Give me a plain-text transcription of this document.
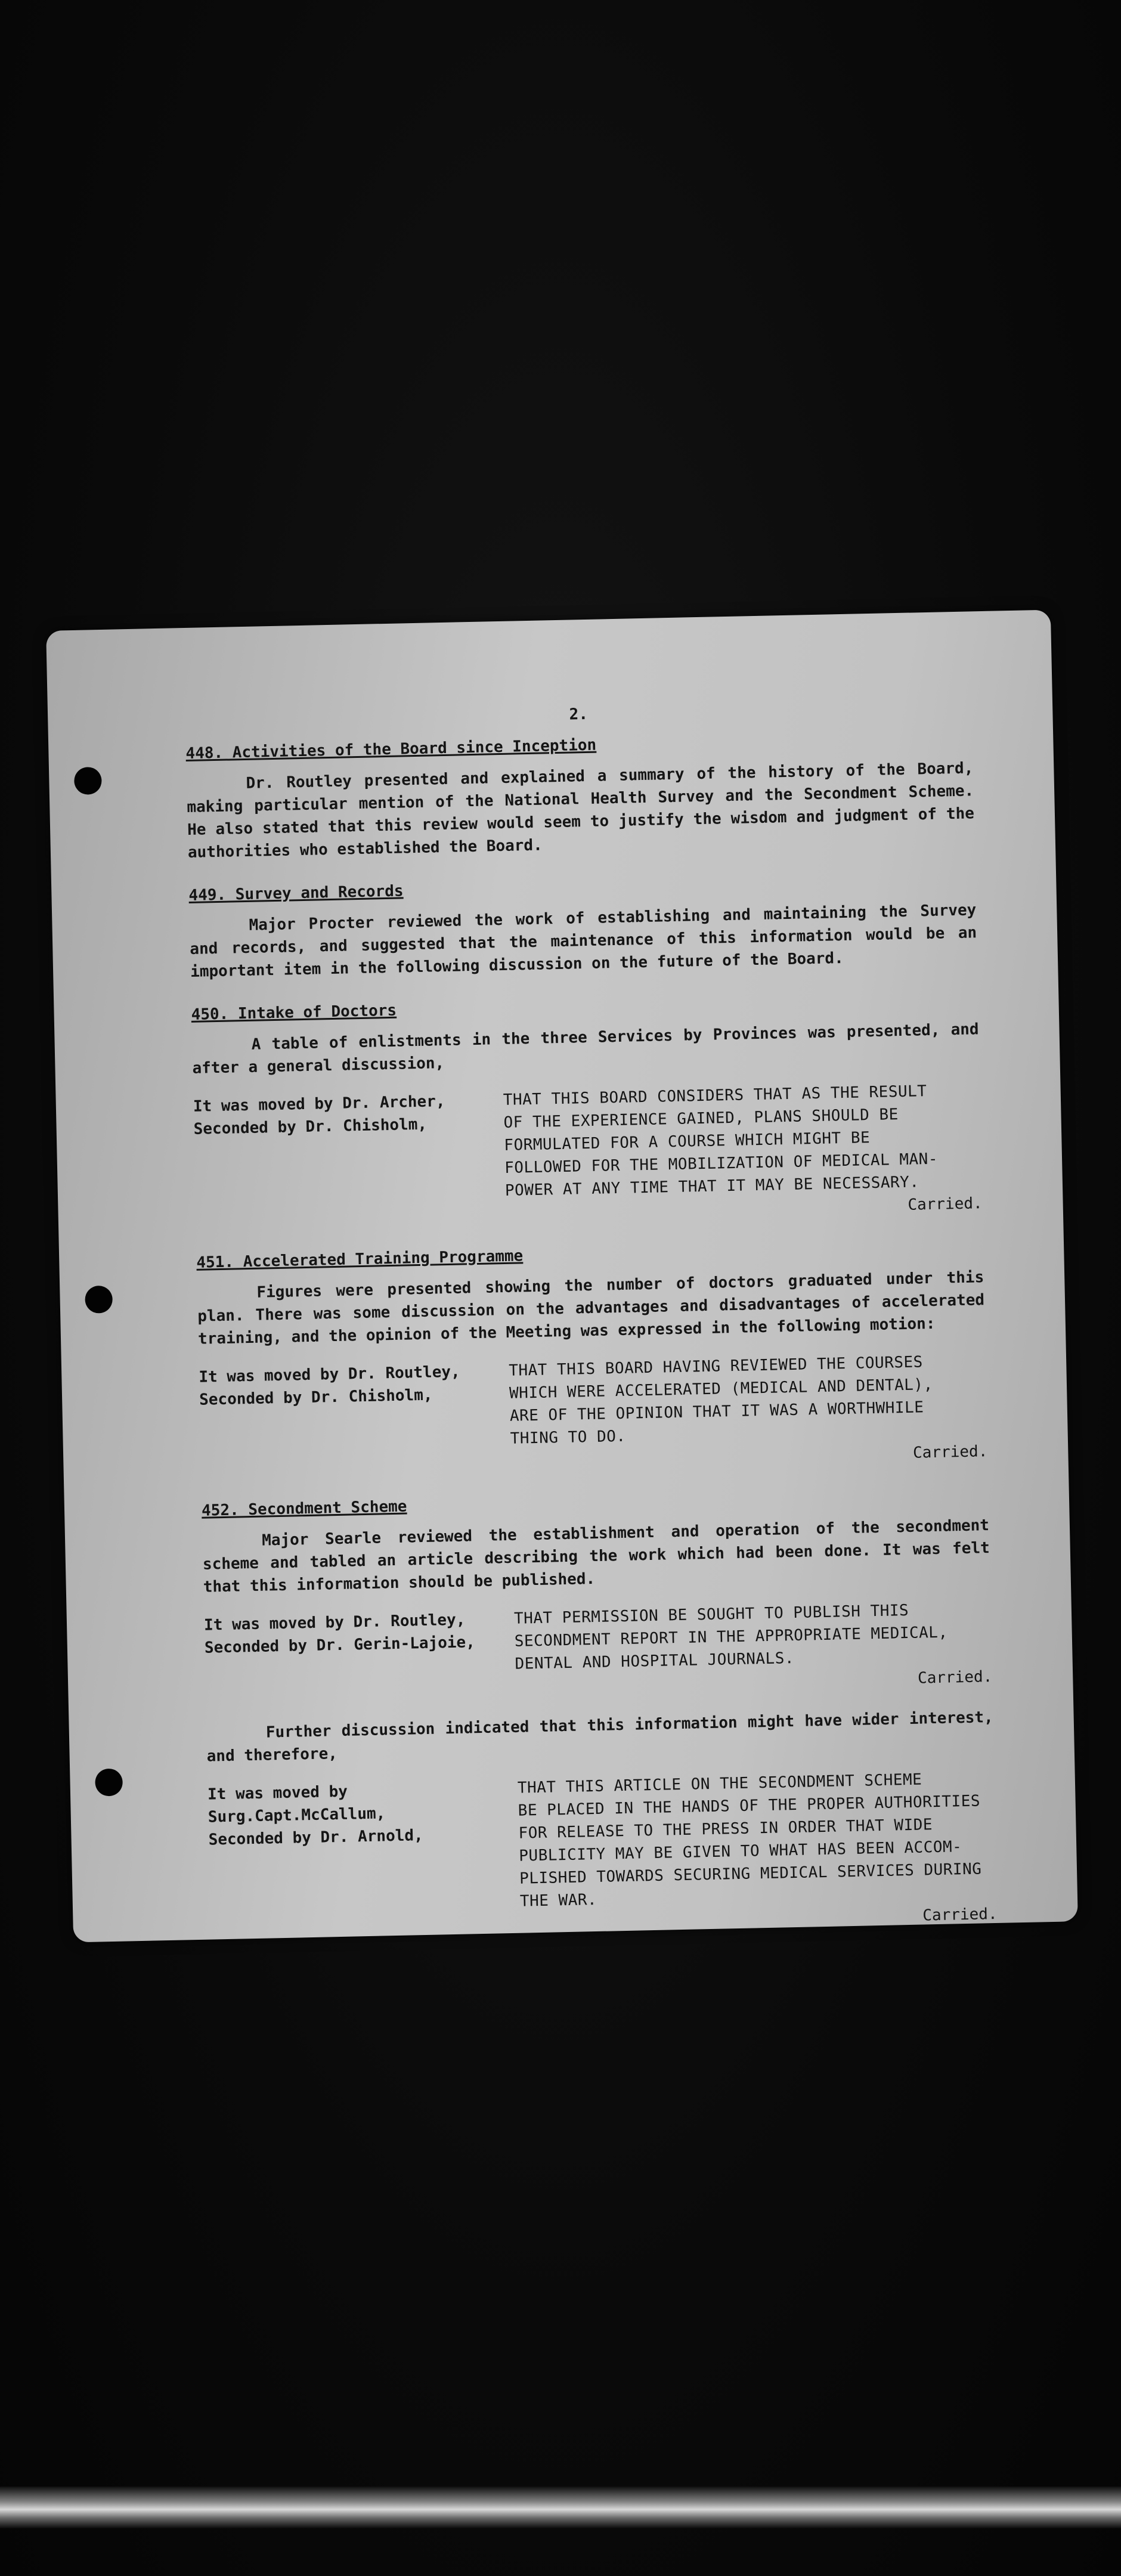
2.
448. Activities of the Board since Inception

Dr. Routley presented and explained a summary of the history of the Board, making particular mention of the National Health Survey and the Secondment Scheme. He also stated that this review would seem to justify the wisdom and judgment of the authorities who established the Board.

449. Survey and Records

Major Procter reviewed the work of establishing and maintaining the Survey and records, and suggested that the maintenance of this information would be an important item in the following discussion on the future of the Board.

450. Intake of Doctors

A table of enlistments in the three Services by Provinces was presented, and after a general discussion,

It was moved by Dr. Archer,
Seconded by Dr. Chisholm,
THAT THIS BOARD CONSIDERS THAT AS THE RESULT
OF THE EXPERIENCE GAINED, PLANS SHOULD BE
FORMULATED FOR A COURSE WHICH MIGHT BE
FOLLOWED FOR THE MOBILIZATION OF MEDICAL MAN-
POWER AT ANY TIME THAT IT MAY BE NECESSARY.
Carried.
451. Accelerated Training Programme

Figures were presented showing the number of doctors graduated under this plan. There was some discussion on the advantages and disadvantages of accelerated training, and the opinion of the Meeting was expressed in the following motion:

It was moved by Dr. Routley,
Seconded by Dr. Chisholm,
THAT THIS BOARD HAVING REVIEWED THE COURSES
WHICH WERE ACCELERATED (MEDICAL AND DENTAL),
ARE OF THE OPINION THAT IT WAS A WORTHWHILE
THING TO DO.
Carried.
452. Secondment Scheme

Major Searle reviewed the establishment and operation of the secondment scheme and tabled an article describing the work which had been done. It was felt that this information should be published.

It was moved by Dr. Routley,
Seconded by Dr. Gerin-Lajoie,
THAT PERMISSION BE SOUGHT TO PUBLISH THIS
SECONDMENT REPORT IN THE APPROPRIATE MEDICAL,
DENTAL AND HOSPITAL JOURNALS.
Carried.

Further discussion indicated that this information might have wider interest, and therefore,

It was moved by Surg.Capt.McCallum,
Seconded by Dr. Arnold,
THAT THIS ARTICLE ON THE SECONDMENT SCHEME
BE PLACED IN THE HANDS OF THE PROPER AUTHORITIES
FOR RELEASE TO THE PRESS IN ORDER THAT WIDE
PUBLICITY MAY BE GIVEN TO WHAT HAS BEEN ACCOM-
PLISHED TOWARDS SECURING MEDICAL SERVICES DURING
THE WAR.
Carried.
